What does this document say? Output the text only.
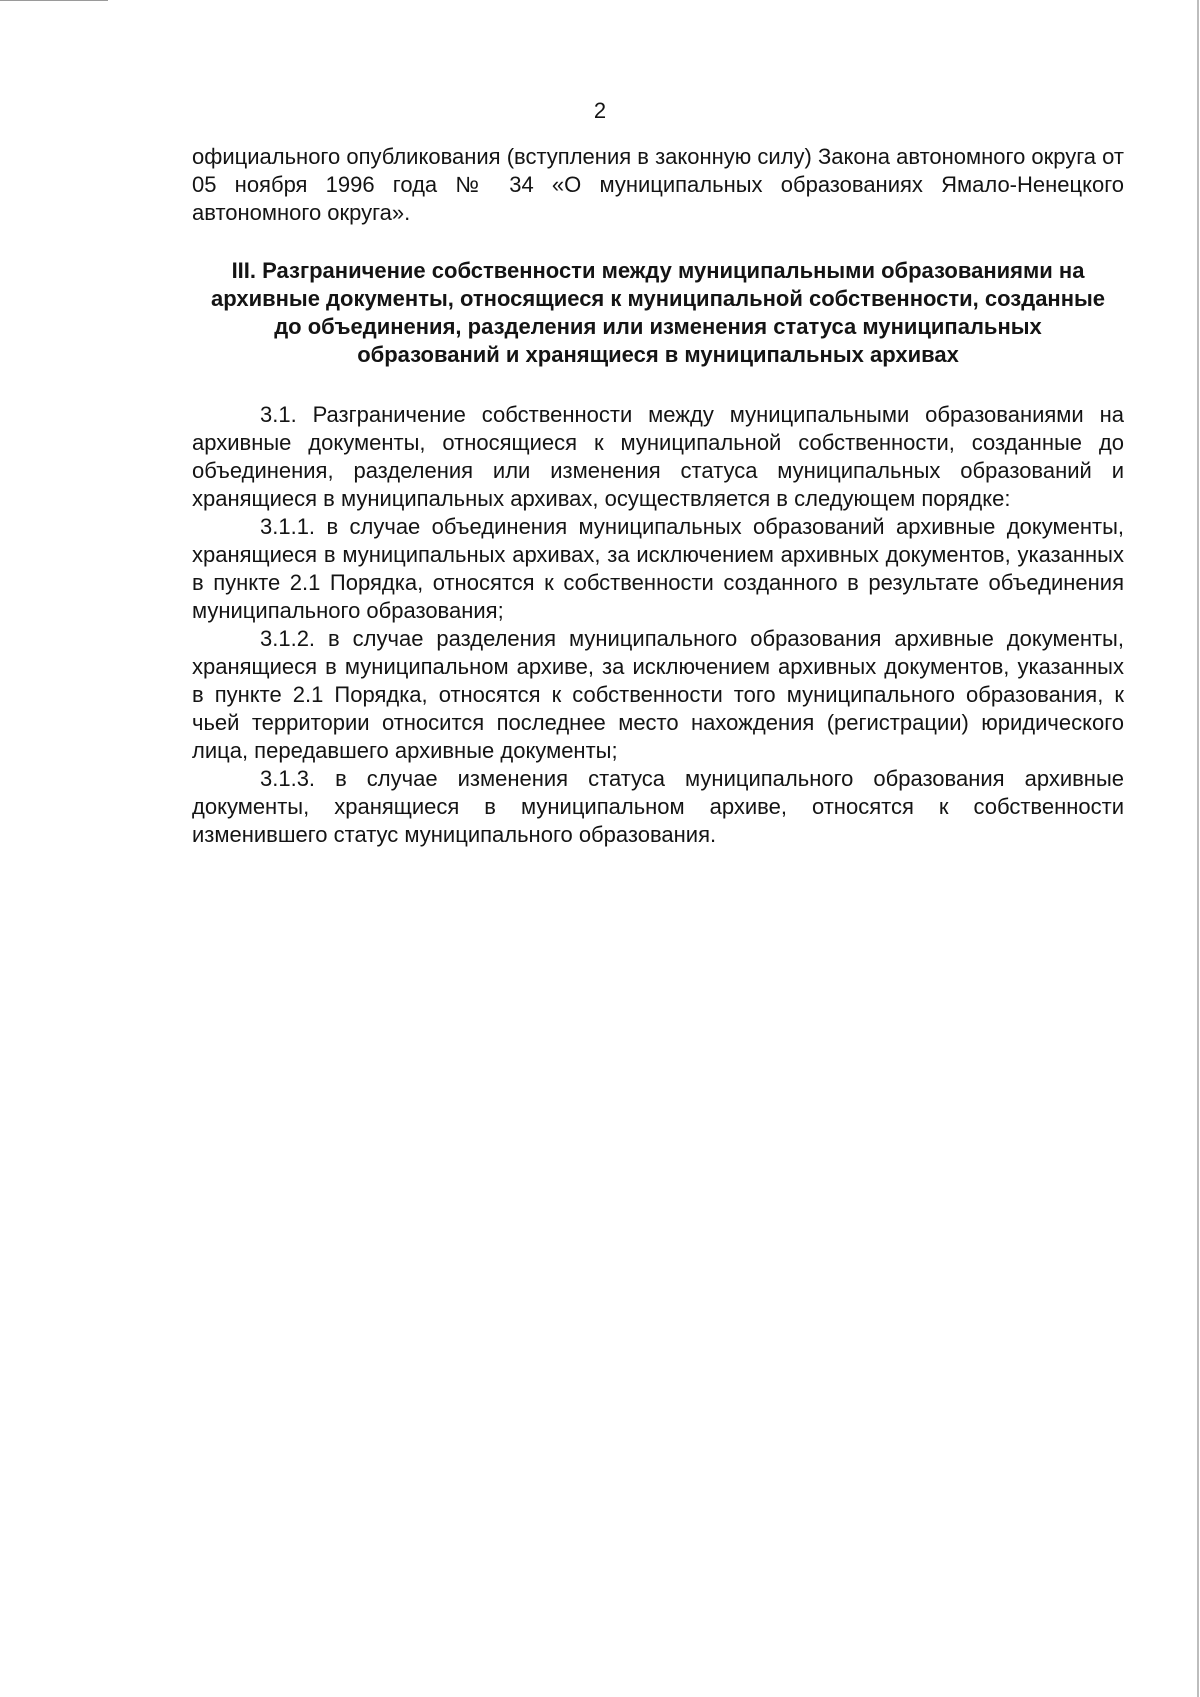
2

официального опубликования (вступления в законную силу) Закона автономного округа от 05 ноября 1996 года № 34 «О муниципальных образованиях Ямало-Ненецкого автономного округа».

III. Разграничение собственности между муниципальными образованиями на архивные документы, относящиеся к муниципальной собственности, созданные до объединения, разделения или изменения статуса муниципальных образований и хранящиеся в муниципальных архивах

3.1. Разграничение собственности между муниципальными образованиями на архивные документы, относящиеся к муниципальной собственности, созданные до объединения, разделения или изменения статуса муниципальных образований и хранящиеся в муниципальных архивах, осуществляется в следующем порядке:

3.1.1. в случае объединения муниципальных образований архивные документы, хранящиеся в муниципальных архивах, за исключением архивных документов, указанных в пункте 2.1 Порядка, относятся к собственности созданного в результате объединения муниципального образования;

3.1.2. в случае разделения муниципального образования архивные документы, хранящиеся в муниципальном архиве, за исключением архивных документов, указанных в пункте 2.1 Порядка, относятся к собственности того муниципального образования, к чьей территории относится последнее место нахождения (регистрации) юридического лица, передавшего архивные документы;

3.1.3. в случае изменения статуса муниципального образования архивные документы, хранящиеся в муниципальном архиве, относятся к собственности изменившего статус муниципального образования.
